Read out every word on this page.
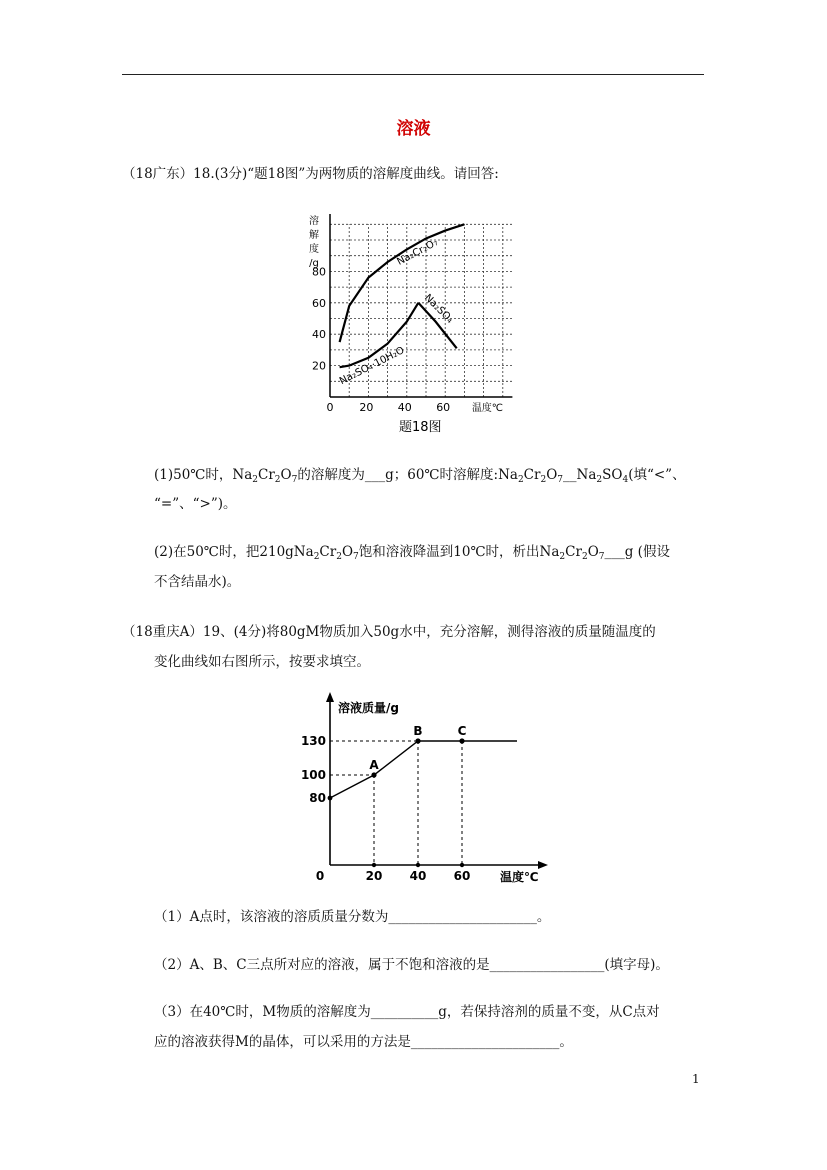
溶液
（18广东）18.(3分)“题18图”为两物质的溶解度曲线。请回答:
溶
解
度
/g
20
40
60
80
0 20 40 60 温度℃
Na₂Cr₂O₇
Na₂SO₄·10H₂O
Na₂SO₄
题18图
(1)50℃时，$Na_2Cr_2O_7$的溶解度为___g；60℃时溶解度$:Na_2Cr_2O_7\_\_Na_2SO_4$(填“<”、
“=”、“>”)。
(2)在50℃时，把$210gNa_2Cr_2O_7$饱和溶液降温到10℃时，析出$Na_2Cr_2O_7\_\_\_g$ (假设
不含结晶水)。
（18重庆A）19、(4分)将80gM物质加入50g水中，充分溶解，测得溶液的质量随温度的
变化曲线如右图所示，按要求填空。
溶液质量/g
温度℃
0	20 40 60
80
100
130
A
B	C
（1）A点时，该溶液的溶质质量分数为______________________。
（2）A、B、C三点所对应的溶液，属于不饱和溶液的是_________________(填字母)。
（3）在40℃时，M物质的溶解度为__________g，若保持溶剂的质量不变，从C点对
应的溶液获得M的晶体，可以采用的方法是______________________。
1
